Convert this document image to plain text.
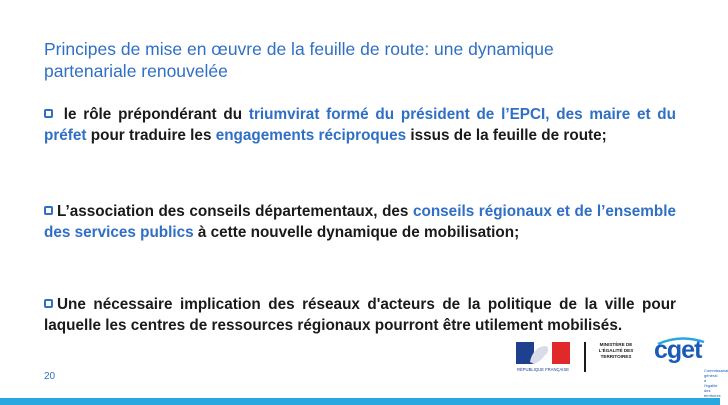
Principes de mise en œuvre de la feuille de route: une dynamique partenariale renouvelée
le rôle prépondérant du triumvirat formé du président de l’EPCI, des maire et du préfet pour traduire les engagements réciproques issus de la feuille de route;
L’association des conseils départementaux, des conseils régionaux et de l’ensemble des services publics à cette nouvelle dynamique de mobilisation;
Une nécessaire implication des réseaux d'acteurs de la politique de la ville pour laquelle les centres de ressources régionaux pourront être utilement mobilisés.
20
RÉPUBLIQUE FRANÇAISE
MINISTÈRE DE L'ÉGALITÉ DES TERRITOIRES cget
Commissariat général à l'égalité des territoires
